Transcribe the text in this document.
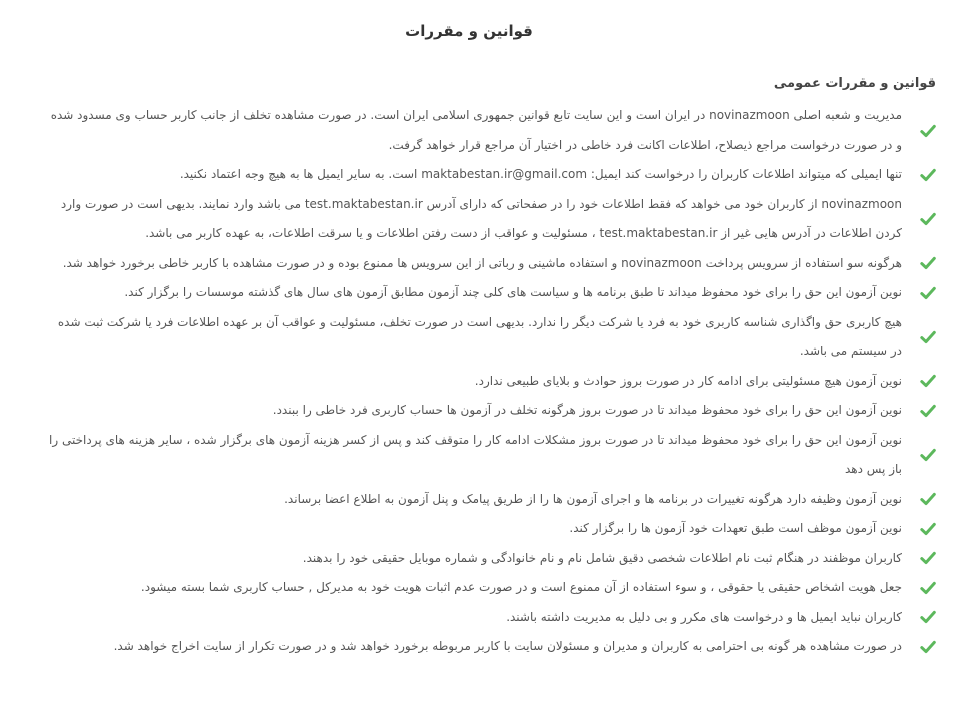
قوانین و مقررات
قوانین و مقررات عمومی
مدیریت و شعبه اصلی novinazmoon در ایران است و این سایت تابع قوانین جمهوری اسلامی ایران است. در صورت مشاهده تخلف از جانب کاربر حساب وی مسدود شده و در صورت درخواست مراجع ذیصلاح، اطلاعات اکانت فرد خاطی در اختیار آن مراجع قرار خواهد گرفت.
تنها ایمیلی که میتواند اطلاعات کاربران را درخواست کند ایمیل: maktabestan.ir@gmail.com است. به سایر ایمیل ها به هیچ وجه اعتماد نکنید.
novinazmoon از کاربران خود می خواهد که فقط اطلاعات خود را در صفحاتی که دارای آدرس test.maktabestan.ir می باشد وارد نمایند. بدیهی است در صورت وارد کردن اطلاعات در آدرس هایی غیر از test.maktabestan.ir ، مسئولیت و عواقب از دست رفتن اطلاعات و یا سرقت اطلاعات، به عهده کاربر می باشد.
هرگونه سو استفاده از سرویس پرداخت novinazmoon و استفاده ماشینی و رباتی از این سرویس ها ممنوع بوده و در صورت مشاهده با کاربر خاطی برخورد خواهد شد.
نوین آزمون این حق را برای خود محفوظ میداند تا طبق برنامه ها و سیاست های کلی چند آزمون مطابق آزمون های سال های گذشته موسسات را برگزار کند.
هیچ کاربری حق واگذاری شناسه کاربری خود به فرد یا شرکت دیگر را ندارد. بدیهی است در صورت تخلف، مسئولیت و عواقب آن بر عهده اطلاعات فرد یا شرکت ثبت شده در سیستم می باشد.
نوین آزمون هیچ مسئولیتی برای ادامه کار در صورت بروز حوادث و بلایای طبیعی ندارد.
نوین آزمون این حق را برای خود محفوظ میداند تا در صورت بروز هرگونه تخلف در آزمون ها حساب کاربری فرد خاطی را ببندد.
نوین آزمون این حق را برای خود محفوظ میداند تا در صورت بروز مشکلات ادامه کار را متوقف کند و پس از کسر هزینه آزمون های برگزار شده ، سایر هزینه های پرداختی را باز پس دهد
نوین آزمون وظیفه دارد هرگونه تغییرات در برنامه ها و اجرای آزمون ها را از طریق پیامک و پنل آزمون به اطلاع اعضا برساند.
نوین آزمون موظف است طبق تعهدات خود آزمون ها را برگزار کند.
کاربران موظفند در هنگام ثبت نام اطلاعات شخصی دقیق شامل نام و نام خانوادگی و شماره موبایل حقیقی خود را بدهند.
جعل هویت اشخاص حقیقی یا حقوقی ، و سوء استفاده از آن ممنوع است و در صورت عدم اثبات هویت خود به مدیرکل , حساب کاربری شما بسته میشود.
کاربران نباید ایمیل ها و درخواست های مکرر و بی دلیل به مدیریت داشته باشند.
در صورت مشاهده هر گونه بی احترامی به کاربران و مدیران و مسئولان سایت با کاربر مربوطه برخورد خواهد شد و در صورت تکرار از سایت اخراج خواهد شد.
